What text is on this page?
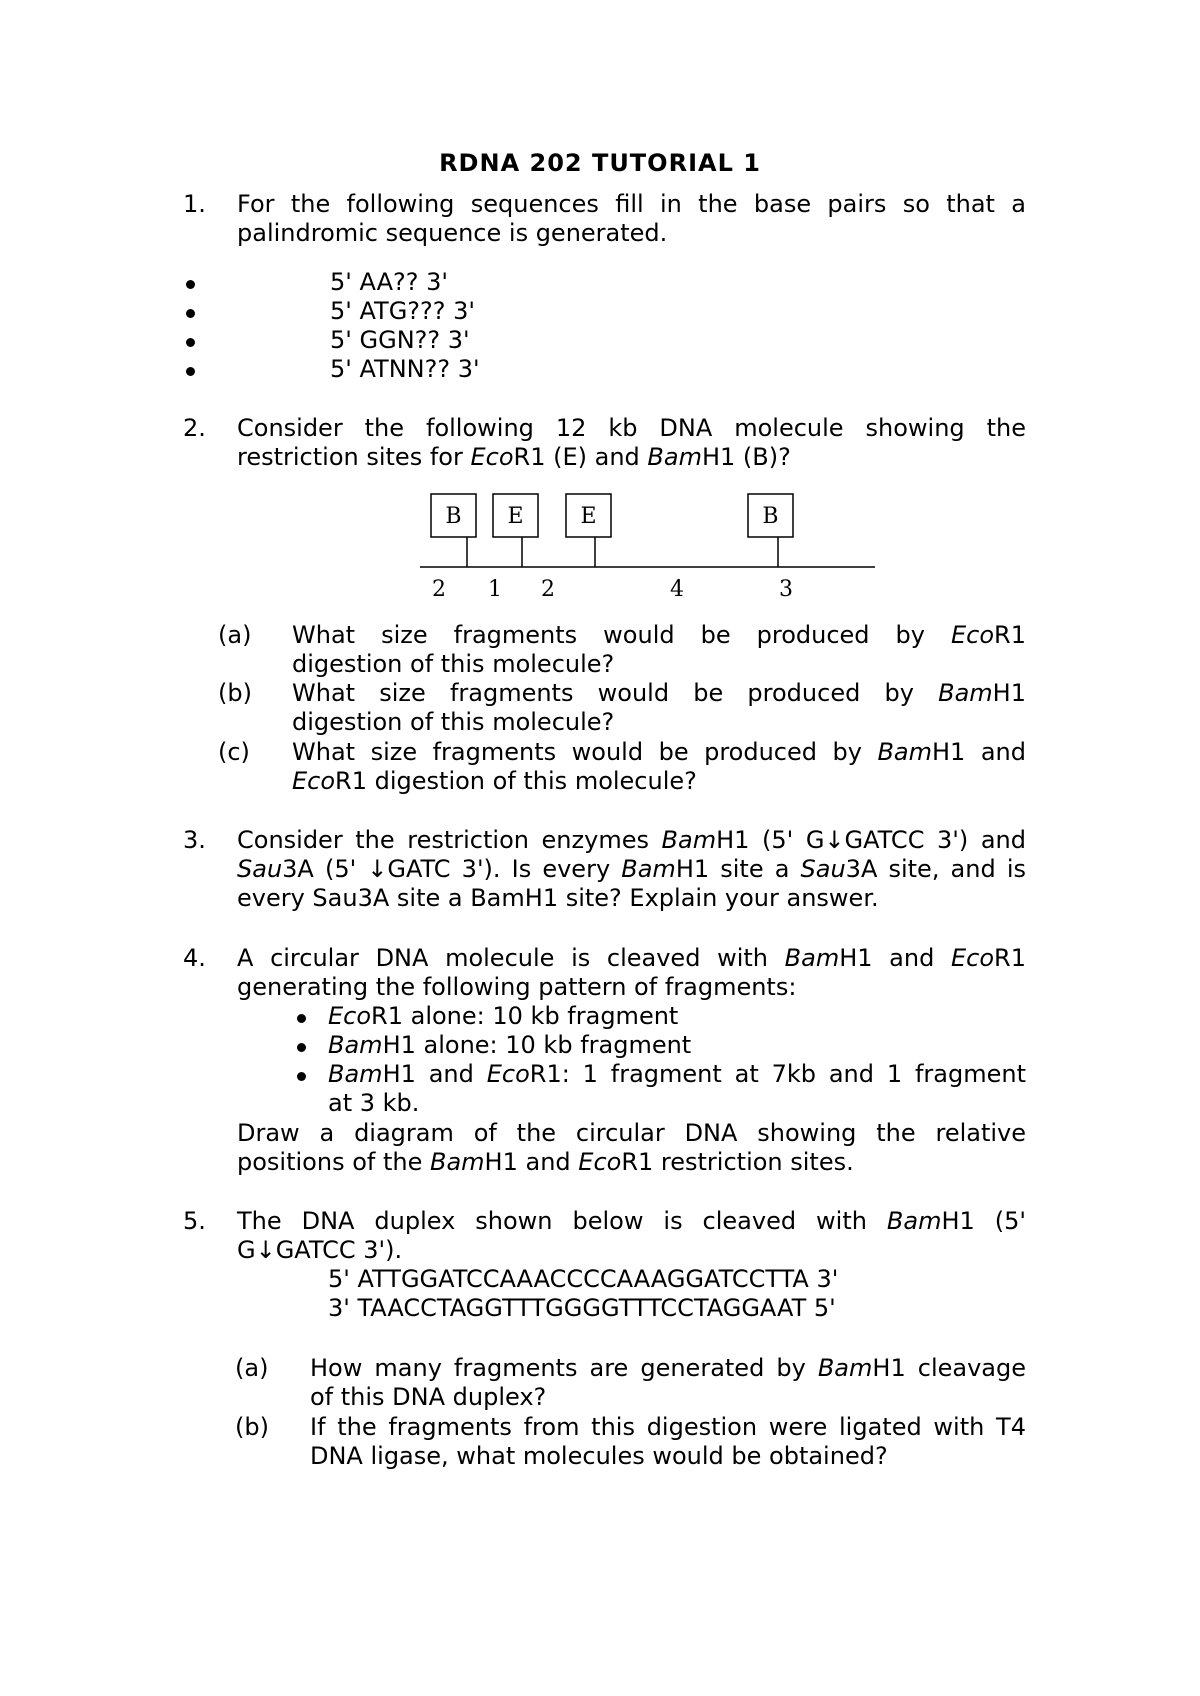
RDNA 202 TUTORIAL 1
1. For the following sequences fill in the base pairs so that a
palindromic sequence is generated.
5' AA?? 3'
5' ATG??? 3'
5' GGN?? 3'
5' ATNN?? 3'
2. Consider the following 12 kb DNA molecule showing the
restriction sites for EcoR1 (E) and BamH1 (B)?
B E	E	B
2 1 2	4	3
(a) What size fragments would be produced by EcoR1
digestion of this molecule?
(b) What size fragments would be produced by BamH1
digestion of this molecule?
(c) What size fragments would be produced by BamH1 and
EcoR1 digestion of this molecule?
3. Consider the restriction enzymes BamH1 (5' G↓GATCC 3') and
Sau3A (5' ↓GATC 3'). Is every BamH1 site a Sau3A site, and is
every Sau3A site a BamH1 site? Explain your answer.
4. A circular DNA molecule is cleaved with BamH1 and EcoR1
generating the following pattern of fragments:
EcoR1 alone: 10 kb fragment
BamH1 alone: 10 kb fragment
BamH1 and EcoR1: 1 fragment at 7kb and 1 fragment
at 3 kb.
Draw a diagram of the circular DNA showing the relative
positions of the BamH1 and EcoR1 restriction sites.
5. The DNA duplex shown below is cleaved with BamH1 (5'
G↓GATCC 3').
5' ATTGGATCCAAACCCCAAAGGATCCTTA 3'
3' TAACCTAGGTTTGGGGTTTCCTAGGAAT 5'
(a) How many fragments are generated by BamH1 cleavage
of this DNA duplex?
(b) If the fragments from this digestion were ligated with T4
DNA ligase, what molecules would be obtained?
